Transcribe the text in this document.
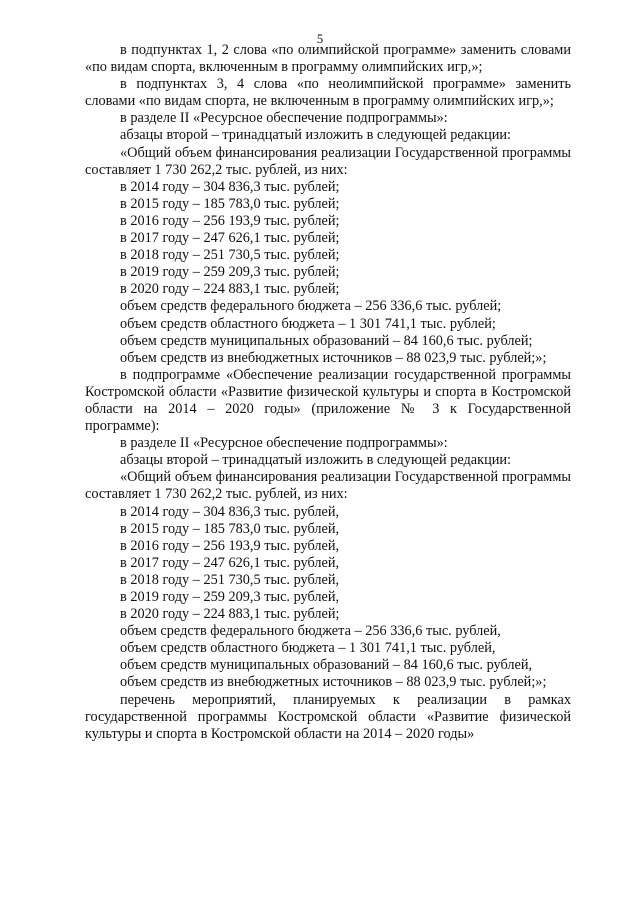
5

в подпунктах 1, 2 слова «по олимпийской программе» заменить словами «по видам спорта, включенным в программу олимпийских игр,»;

в подпунктах 3, 4 слова «по неолимпийской программе» заменить словами «по видам спорта, не включенным в программу олимпийских игр,»;

в разделе II «Ресурсное обеспечение подпрограммы»:

абзацы второй – тринадцатый изложить в следующей редакции:

«Общий объем финансирования реализации Государственной программы составляет 1 730 262,2 тыс. рублей, из них:

в 2014 году – 304 836,3 тыс. рублей;

в 2015 году – 185 783,0 тыс. рублей;

в 2016 году – 256 193,9 тыс. рублей;

в 2017 году – 247 626,1 тыс. рублей;

в 2018 году – 251 730,5 тыс. рублей;

в 2019 году – 259 209,3 тыс. рублей;

в 2020 году – 224 883,1 тыс. рублей;

объем средств федерального бюджета – 256 336,6 тыс. рублей;

объем средств областного бюджета – 1 301 741,1 тыс. рублей;

объем средств муниципальных образований – 84 160,6 тыс. рублей;

объем средств из внебюджетных источников – 88 023,9 тыс. рублей;»;

в подпрограмме «Обеспечение реализации государственной программы Костромской области «Развитие физической культуры и спорта в Костромской области на 2014 – 2020 годы» (приложение № 3 к Государственной программе):

в разделе II «Ресурсное обеспечение подпрограммы»:

абзацы второй – тринадцатый изложить в следующей редакции:

«Общий объем финансирования реализации Государственной программы составляет 1 730 262,2 тыс. рублей, из них:

в 2014 году – 304 836,3 тыс. рублей,

в 2015 году – 185 783,0 тыс. рублей,

в 2016 году – 256 193,9 тыс. рублей,

в 2017 году – 247 626,1 тыс. рублей,

в 2018 году – 251 730,5 тыс. рублей,

в 2019 году – 259 209,3 тыс. рублей,

в 2020 году – 224 883,1 тыс. рублей;

объем средств федерального бюджета – 256 336,6 тыс. рублей,

объем средств областного бюджета – 1 301 741,1 тыс. рублей,

объем средств муниципальных образований – 84 160,6 тыс. рублей,

объем средств из внебюджетных источников – 88 023,9 тыс. рублей;»;

перечень мероприятий, планируемых к реализации в рамках государственной программы Костромской области «Развитие физической культуры и спорта в Костромской области на 2014 – 2020 годы»
